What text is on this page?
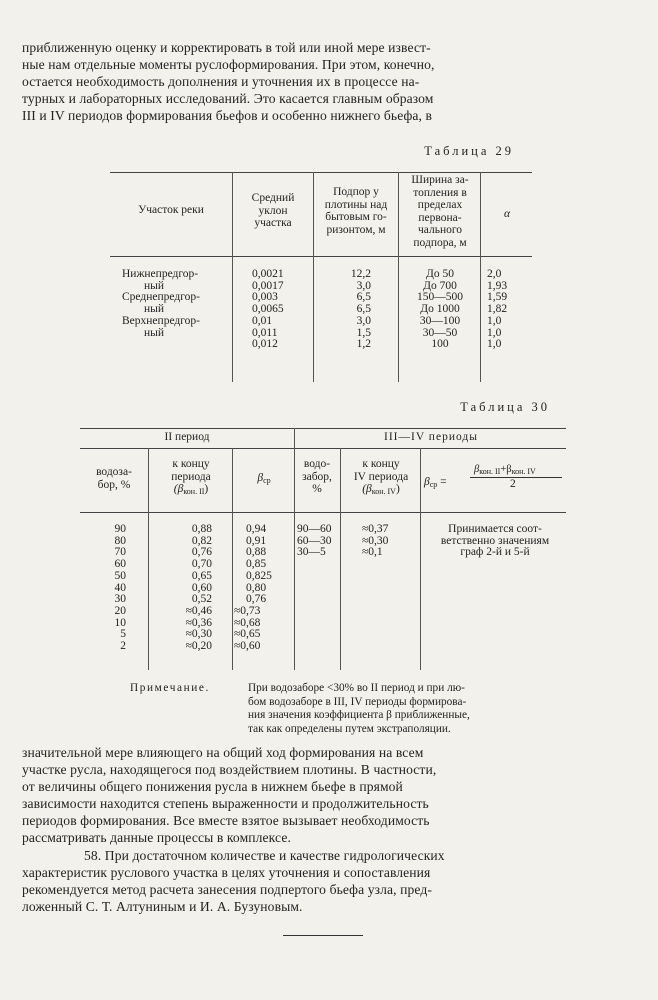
приближенную оценку и корректировать в той или иной мере извест-
ные нам отдельные моменты руслоформирования. При этом, конечно,
остается необходимость дополнения и уточнения их в процессе на-
турных и лабораторных исследований. Это касается главным образом
III и IV периодов формирования бьефов и особенно нижнего бьефа, в
Таблица 29
Участок реки
Средний
уклон
участка
Подпор у
плотины над
бытовым го-
ризонтом, м
Ширина за-
топления в
пределах
первона-
чального
подпора, м
α
Нижнепредгор-
ный
Среднепредгор-
ный
Верхнепредгор-
ный
0,0021
0,0017
0,003
0,0065
0,01
0,011
0,012
12,2
3,0
6,5
6,5
3,0
1,5
1,2
До 50
До 700
150—500
До 1000
30—100
30—50
100
2,0
1,93
1,59
1,82
1,0
1,0
1,0
Таблица 30
II период	III—IV периоды
водоза-
бор, %
к концу
периода
$(\beta_{кон. II})$
$\beta_{ср}$
водо-
забор,
%
к концу
IV периода
$(\beta_{кон. IV})$
$\beta_{ср}$ =
$\beta_{кон. II}+\beta_{кон. IV}$
2
90
80
70
60
50
40
30
20
10
5
2
0,88
0,82
0,76
0,70
0,65
0,60
0,52
≈0,46
≈0,36
≈0,30
≈0,20
0,94
0,91
0,88
0,85
0,825
0,80
0,76
≈0,73
≈0,68
≈0,65
≈0,60
90—60
60—30
30—5
≈0,37
≈0,30
≈0,1
Принимается соот-
ветственно значениям
граф 2-й и 5-й
Примечание.	При водозаборе <30% во II период и при лю-
бом водозаборе в III, IV периоды формирова-
ния значения коэффициента β приближенные,
так как определены путем экстраполяции.
значительной мере влияющего на общий ход формирования на всем
участке русла, находящегося под воздействием плотины. В частности,
от величины общего понижения русла в нижнем бьефе в прямой
зависимости находится степень выраженности и продолжительность
периодов формирования. Все вместе взятое вызывает необходимость
рассматривать данные процессы в комплексе.
58. При достаточном количестве и качестве гидрологических
характеристик руслового участка в целях уточнения и сопоставления
рекомендуется метод расчета занесения подпертого бьефа узла, пред-
ложенный С. Т. Алтуниным и И. А. Бузуновым.
